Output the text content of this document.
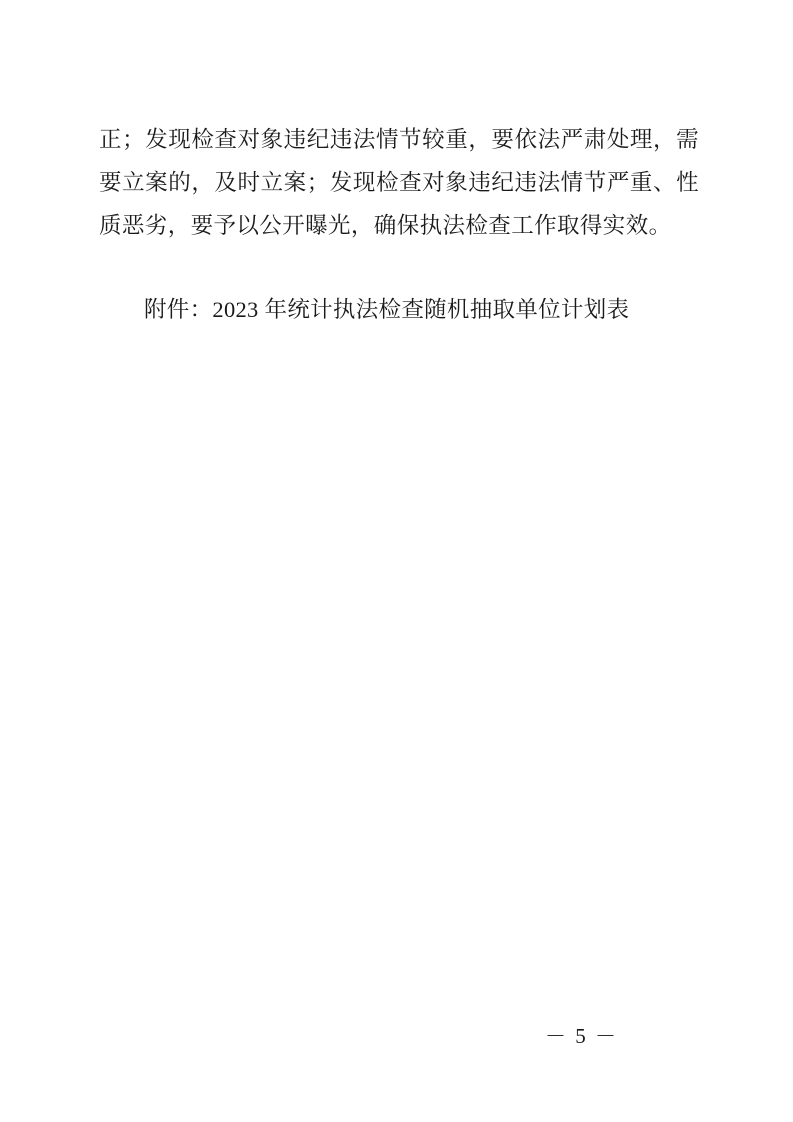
正；发现检查对象违纪违法情节较重，要依法严肃处理，需要立案的，及时立案；发现检查对象违纪违法情节严重、性质恶劣，要予以公开曝光，确保执法检查工作取得实效。

附件：2023 年统计执法检查随机抽取单位计划表
－ 5 －
